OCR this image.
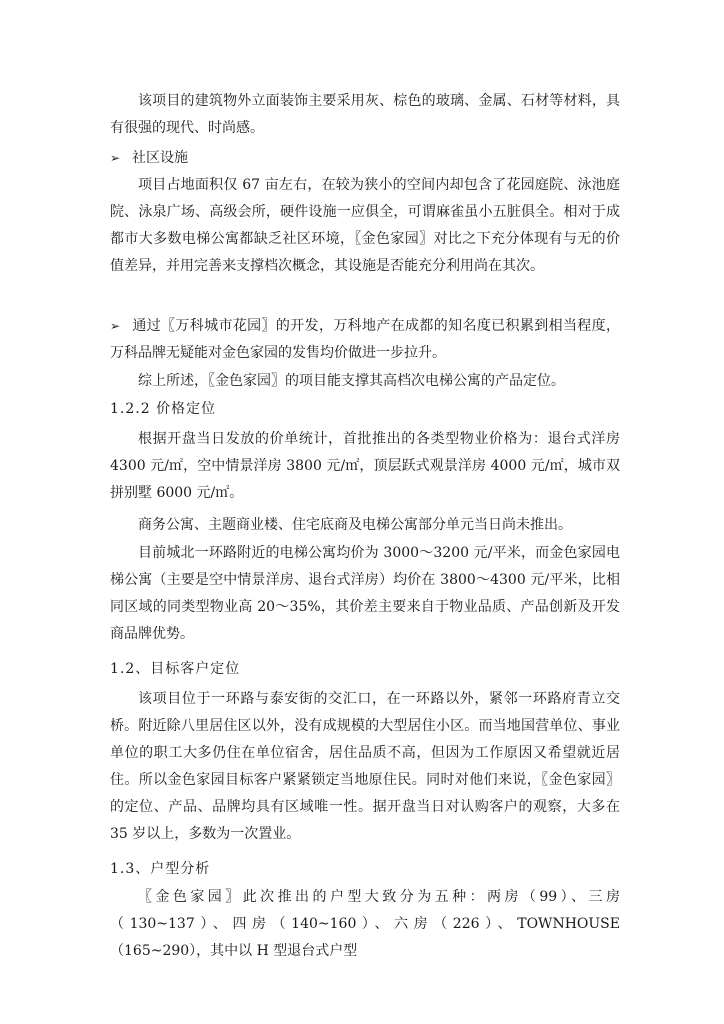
该项目的建筑物外立面装饰主要采用灰、棕色的玻璃、金属、石材等材料，具有很强的现代、时尚感。
➢ 社区设施
项目占地面积仅 67 亩左右，在较为狭小的空间内却包含了花园庭院、泳池庭院、泳泉广场、高级会所，硬件设施一应俱全，可谓麻雀虽小五脏俱全。相对于成都市大多数电梯公寓都缺乏社区环境，〖金色家园〗对比之下充分体现有与无的价值差异，并用完善来支撑档次概念，其设施是否能充分利用尚在其次。
➢ 通过〖万科城市花园〗的开发，万科地产在成都的知名度已积累到相当程度，万科品牌无疑能对金色家园的发售均价做进一步拉升。
综上所述，〖金色家园〗的项目能支撑其高档次电梯公寓的产品定位。
1.2.2 价格定位
根据开盘当日发放的价单统计，首批推出的各类型物业价格为：退台式洋房 4300 元/㎡，空中情景洋房 3800 元/㎡，顶层跃式观景洋房 4000 元/㎡，城市双拼别墅 6000 元/㎡。
商务公寓、主题商业楼、住宅底商及电梯公寓部分单元当日尚未推出。
目前城北一环路附近的电梯公寓均价为 3000～3200 元/平米，而金色家园电梯公寓（主要是空中情景洋房、退台式洋房）均价在 3800～4300 元/平米，比相同区域的同类型物业高 20～35%，其价差主要来自于物业品质、产品创新及开发商品牌优势。
1.2、目标客户定位
该项目位于一环路与泰安街的交汇口，在一环路以外，紧邻一环路府青立交桥。附近除八里居住区以外，没有成规模的大型居住小区。而当地国营单位、事业单位的职工大多仍住在单位宿舍，居住品质不高，但因为工作原因又希望就近居住。所以金色家园目标客户紧紧锁定当地原住民。同时对他们来说，〖金色家园〗的定位、产品、品牌均具有区域唯一性。据开盘当日对认购客户的观察，大多在 35 岁以上，多数为一次置业。
1.3、户型分析
〖金色家园〗此次推出的户型大致分为五种：两房（99）、三房（130~137）、四房（140~160）、六房（226）、TOWNHOUSE（165~290），其中以 H 型退台式户型
